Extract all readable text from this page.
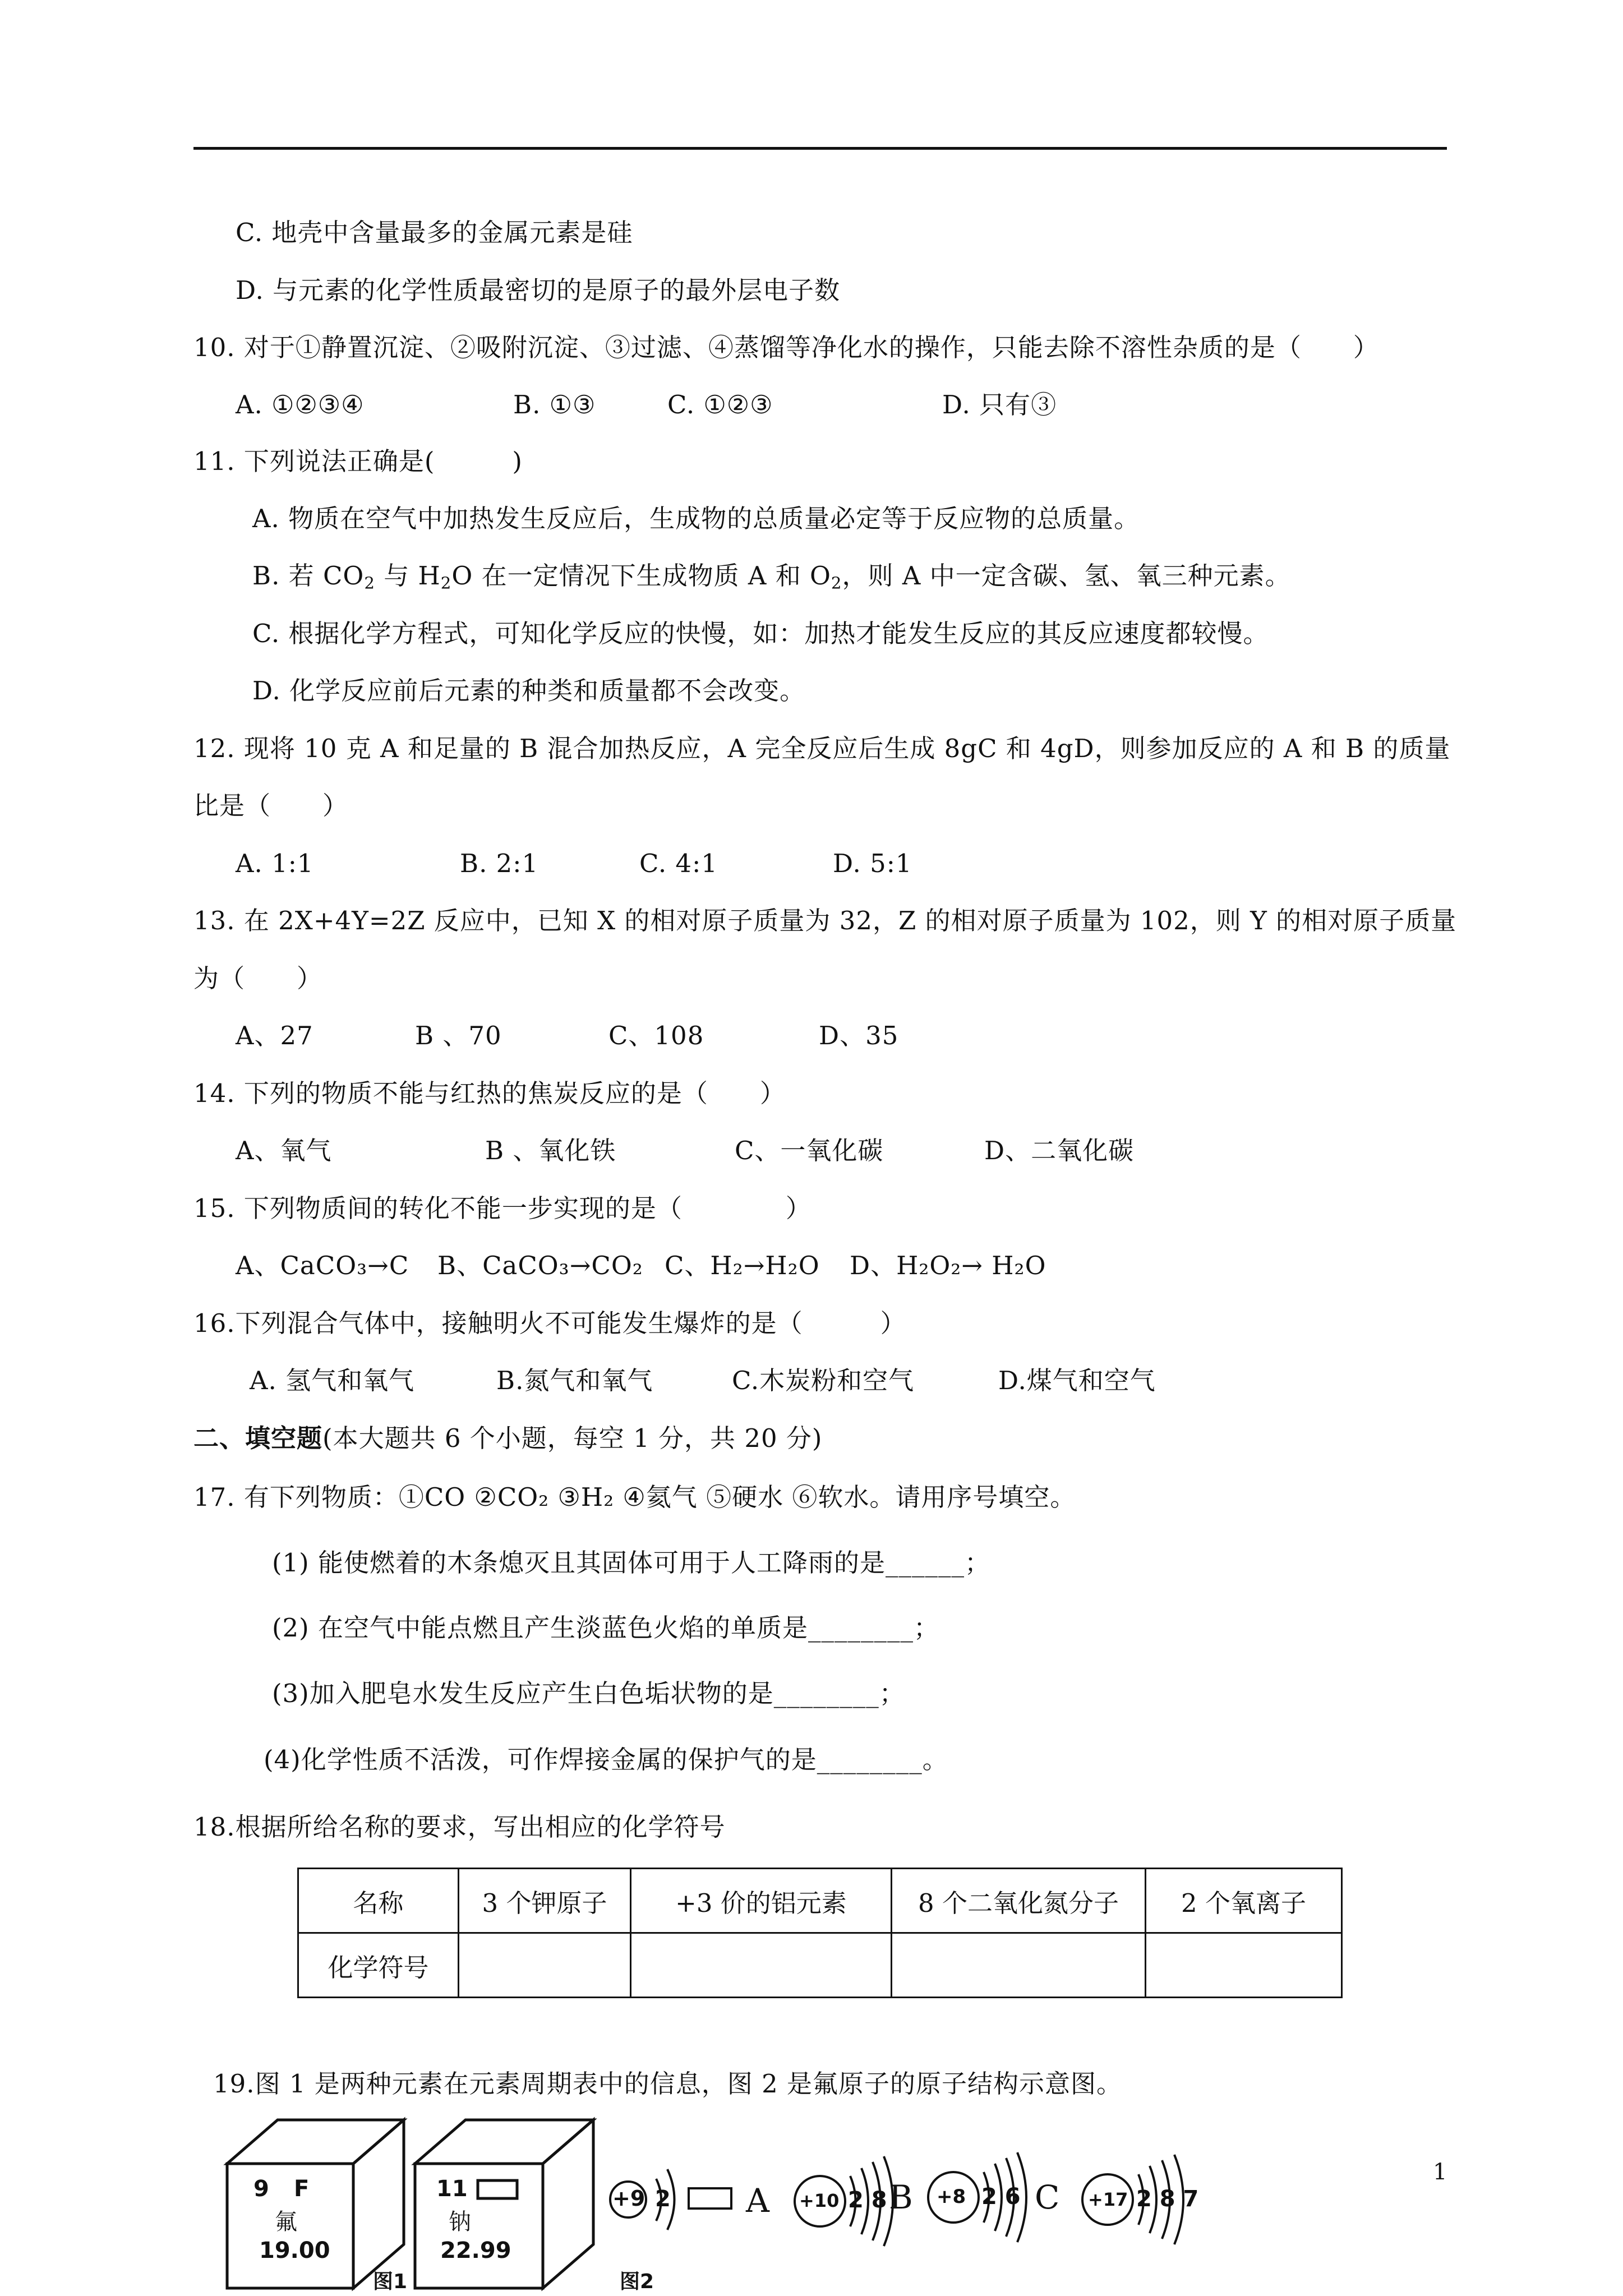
C. 地壳中含量最多的金属元素是硅
D. 与元素的化学性质最密切的是原子的最外层电子数
10. 对于①静置沉淀、②吸附沉淀、③过滤、④蒸馏等净化水的操作，只能去除不溶性杂质的是（　　）
A. ①②③④	B. ①③	C. ①②③	D. 只有③
11. 下列说法正确是(　　　)
A. 物质在空气中加热发生反应后，生成物的总质量必定等于反应物的总质量。
B. 若 $CO_2$ 与 $H_2O$ 在一定情况下生成物质 A 和 $O_2$，则 A 中一定含碳、氢、氧三种元素。
C. 根据化学方程式，可知化学反应的快慢，如：加热才能发生反应的其反应速度都较慢。
D. 化学反应前后元素的种类和质量都不会改变。
12. 现将 10 克 A 和足量的 B 混合加热反应，A 完全反应后生成 8gC 和 4gD，则参加反应的 A 和 B 的质量
比是（　　）
A. 1:1	B. 2:1	C. 4:1	D. 5:1
13. 在 2X+4Y=2Z 反应中，已知 X 的相对原子质量为 32，Z 的相对原子质量为 102，则 Y 的相对原子质量
为（　　）
A、27	B 、70	C、108	D、35
14. 下列的物质不能与红热的焦炭反应的是（　　）
A、氧气	B 、氧化铁	C、一氧化碳	D、二氧化碳
15. 下列物质间的转化不能一步实现的是（　　　　）
A、CaCO₃→C B、CaCO₃→CO₂ C、H₂→H₂O D、H₂O₂→ H₂O
16.下列混合气体中，接触明火不可能发生爆炸的是（　　　）
A. 氢气和氧气	B.氮气和氧气	C.木炭粉和空气	D.煤气和空气
二、填空题(本大题共 6 个小题，每空 1 分，共 20 分)
17. 有下列物质：①CO ②CO₂ ③H₂ ④氦气 ⑤硬水 ⑥软水。请用序号填空。
(1) 能使燃着的木条熄灭且其固体可用于人工降雨的是______；
(2) 在空气中能点燃且产生淡蓝色火焰的单质是________；
(3)加入肥皂水发生反应产生白色垢状物的是________；
(4)化学性质不活泼，可作焊接金属的保护气的是________。
18.根据所给名称的要求，写出相应的化学符号
名称	3 个钾原子	+3 价的铝元素	8 个二氧化氮分子	2 个氧离子
化学符号				
19.图 1 是两种元素在元素周期表中的信息，图 2 是氟原子的原子结构示意图。
9 F
氟
19.00
11
钠
22.99
图1	图2
+9 2 A +10 2 8 B +8 2 6 C +17 2 8 7
1
